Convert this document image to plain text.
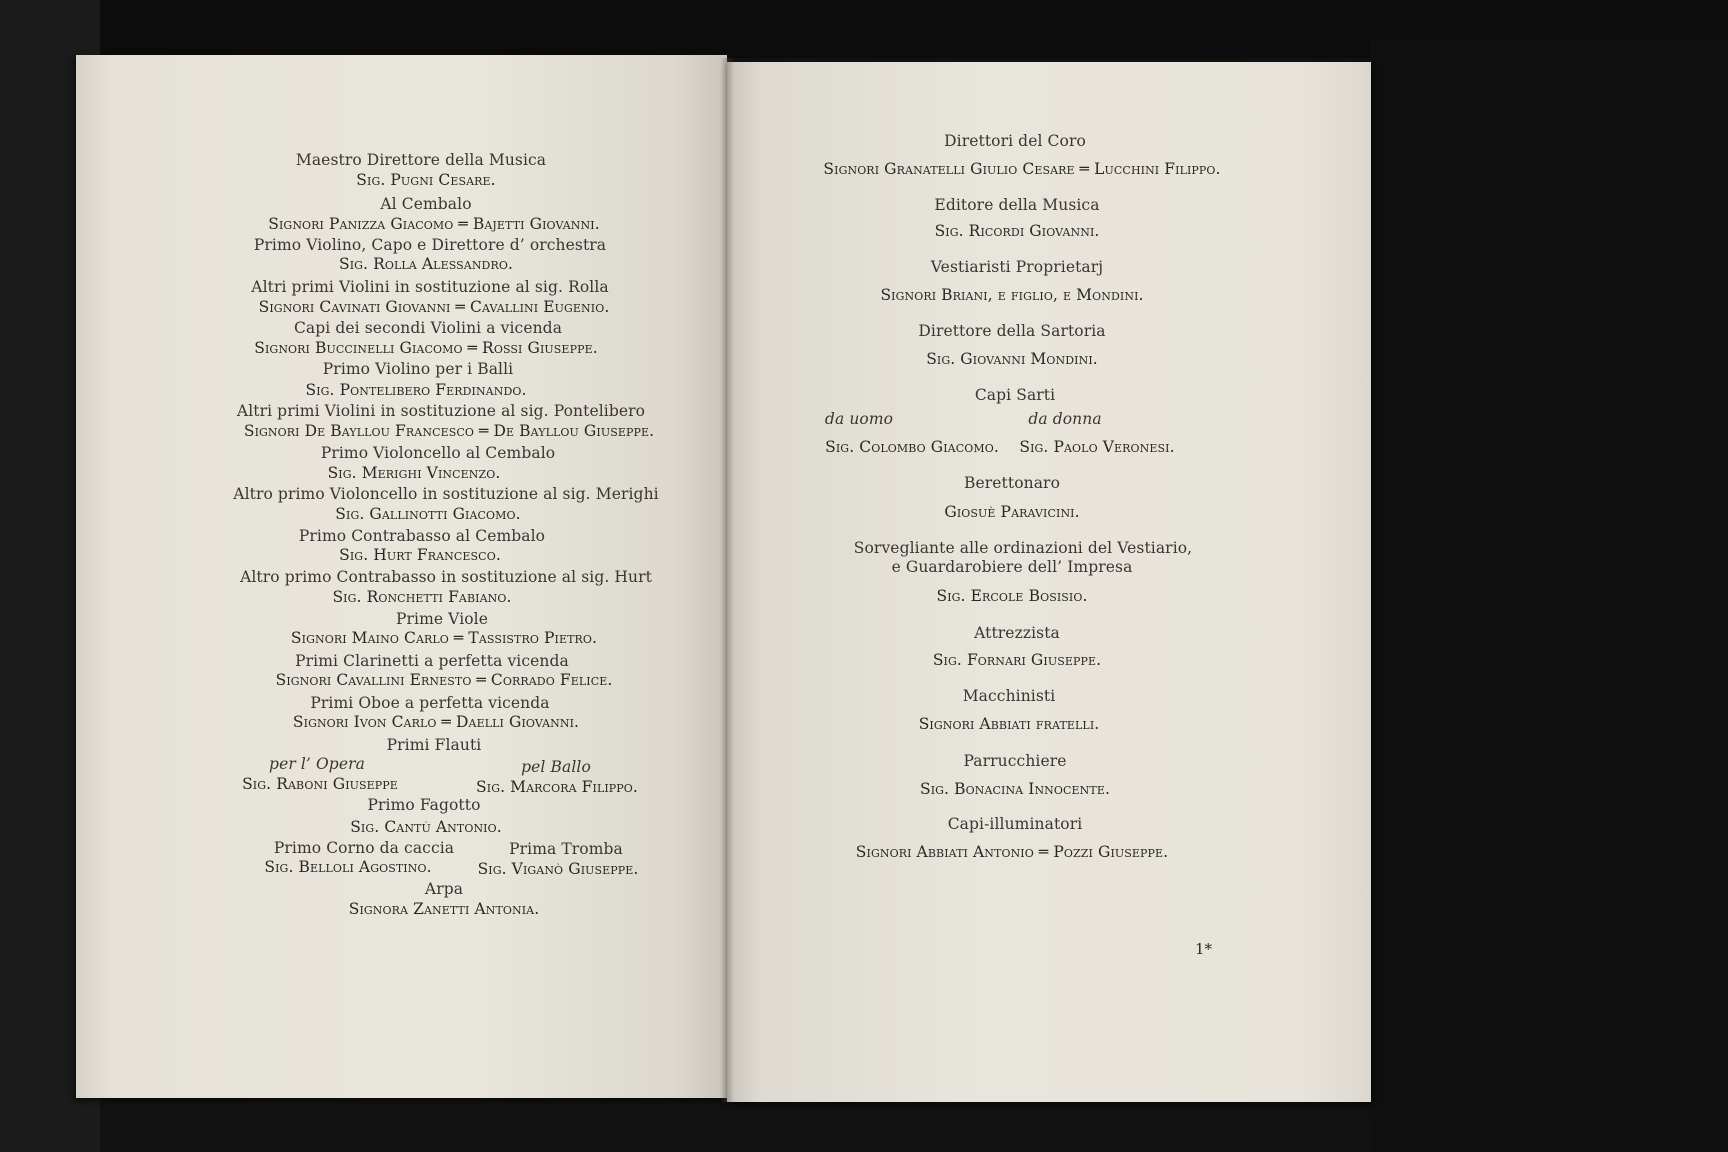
Maestro Direttore della Musica
Sig. Pugni Cesare.
Al Cembalo
Signori Panizza Giacomo ═ Bajetti Giovanni.
Primo Violino, Capo e Direttore d’ orchestra
Sig. Rolla Alessandro.
Altri primi Violini in sostituzione al sig. Rolla
Signori Cavinati Giovanni ═ Cavallini Eugenio.
Capi dei secondi Violini a vicenda
Signori Buccinelli Giacomo ═ Rossi Giuseppe.
Primo Violino per i Balli
Sig. Pontelibero Ferdinando.
Altri primi Violini in sostituzione al sig. Pontelibero
Signori De Bayllou Francesco ═ De Bayllou Giuseppe.
Primo Violoncello al Cembalo
Sig. Merighi Vincenzo.
Altro primo Violoncello in sostituzione al sig. Merighi
Sig. Gallinotti Giacomo.
Primo Contrabasso al Cembalo
Sig. Hurt Francesco.
Altro primo Contrabasso in sostituzione al sig. Hurt
Sig. Ronchetti Fabiano.
Prime Viole
Signori Maino Carlo ═ Tassistro Pietro.
Primi Clarinetti a perfetta vicenda
Signori Cavallini Ernesto ═ Corrado Felice.
Primi Oboe a perfetta vicenda
Signori Ivon Carlo ═ Daelli Giovanni.
Primi Flauti
per l’ Opera	pel Ballo
Sig. Raboni Giuseppe	Sig. Marcora Filippo.
Primo Fagotto
Sig. Cantù Antonio.
Primo Corno da caccia	Prima Tromba
Sig. Belloli Agostino.	Sig. Viganò Giuseppe.
Arpa
Signora Zanetti Antonia.
Direttori del Coro
Signori Granatelli Giulio Cesare ═ Lucchini Filippo.
Editore della Musica
Sig. Ricordi Giovanni.
Vestiaristi Proprietarj
Signori Briani, e figlio, e Mondini.
Direttore della Sartoria
Sig. Giovanni Mondini.
Capi Sarti
da uomo	da donna
Sig. Colombo Giacomo. Sig. Paolo Veronesi.
Berettonaro
Giosuè Paravicini.
Sorvegliante alle ordinazioni del Vestiario,
e Guardarobiere dell’ Impresa
Sig. Ercole Bosisio.
Attrezzista
Sig. Fornari Giuseppe.
Macchinisti
Signori Abbiati fratelli.
Parrucchiere
Sig. Bonacina Innocente.
Capi-illuminatori
Signori Abbiati Antonio ═ Pozzi Giuseppe.
1*
